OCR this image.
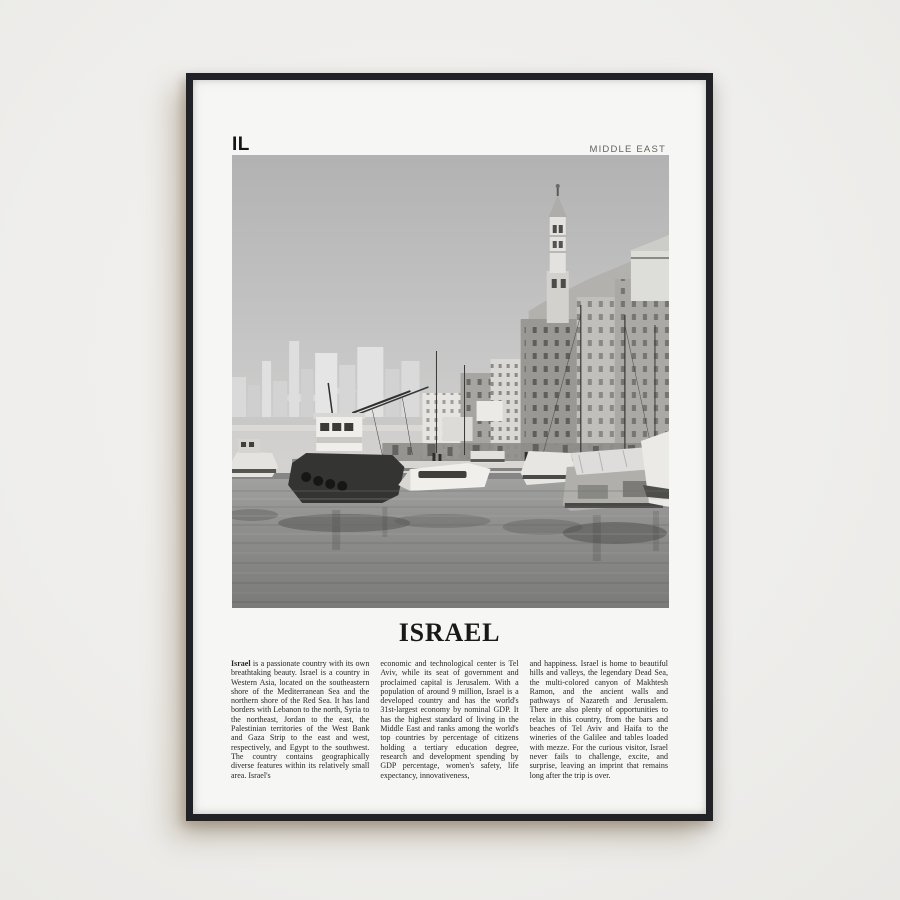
IL	MIDDLE EAST
ISRAEL

Israel is a passionate country with its own breathtaking beauty. Israel is a country in Western Asia, located on the southeastern shore of the Mediterranean Sea and the northern shore of the Red Sea. It has land borders with Lebanon to the north, Syria to the northeast, Jordan to the east, the Palestinian territories of the West Bank and Gaza Strip to the east and west, respectively, and Egypt to the southwest. The country contains geographically diverse features within its relatively small area. Israel's

economic and technological center is Tel Aviv, while its seat of government and proclaimed capital is Jerusalem. With a population of around 9 million, Israel is a developed country and has the world's 31st-largest economy by nominal GDP. It has the highest standard of living in the Middle East and ranks among the world's top countries by percentage of citizens holding a tertiary education degree, research and development spending by GDP percentage, women's safety, life expectancy, innovativeness,

and happiness. Israel is home to beautiful hills and valleys, the legendary Dead Sea, the multi-colored canyon of Makhtesh Ramon, and the ancient walls and pathways of Nazareth and Jerusalem. There are also plenty of opportunities to relax in this country, from the bars and beaches of Tel Aviv and Haifa to the wineries of the Galilee and tables loaded with mezze. For the curious visitor, Israel never fails to challenge, excite, and surprise, leaving an imprint that remains long after the trip is over.
